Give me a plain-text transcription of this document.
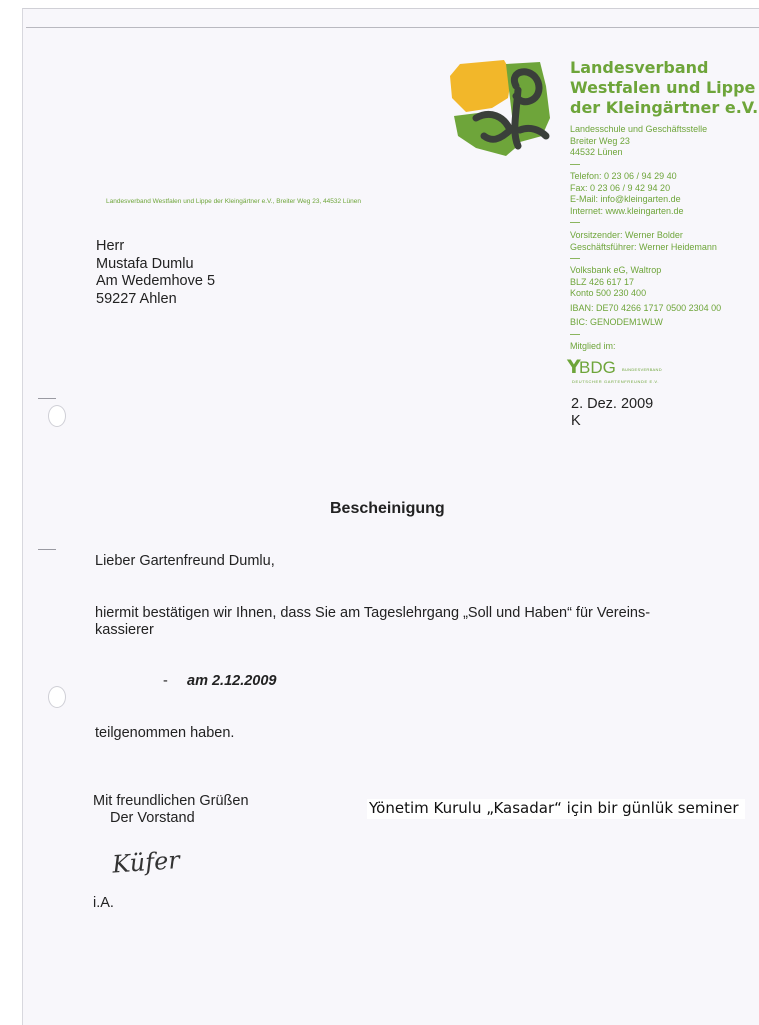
Landesverband
Westfalen und Lippe
der Kleingärtner e.V.
Landesschule und Geschäftsstelle
Breiter Weg 23
44532 Lünen
Telefon: 0 23 06 / 94 29 40
Fax: 0 23 06 / 9 42 94 20
E-Mail: info@kleingarten.de
Internet: www.kleingarten.de
Vorsitzender: Werner Bolder
Geschäftsführer: Werner Heidemann
Volksbank eG, Waltrop
BLZ 426 617 17
Konto 500 230 400
IBAN: DE70 4266 1717 0500 2304 00
BIC: GENODEM1WLW
Mitglied im:
Y
BDG BUNDESVERBAND
DEUTSCHER GARTENFREUNDE E.V.
Landesverband Westfalen und Lippe der Kleingärtner e.V., Breiter Weg 23, 44532 Lünen
Herr
Mustafa Dumlu
Am Wedemhove 5
59227 Ahlen
2. Dez. 2009
K
Bescheinigung
Lieber Gartenfreund Dumlu,
hiermit bestätigen wir Ihnen, dass Sie am Tageslehrgang „Soll und Haben“ für Vereins-
kassierer
- am 2.12.2009
teilgenommen haben.
Mit freundlichen Grüßen
Der Vorstand
Küfer
i.A.
Yönetim Kurulu „Kasadar“ için bir günlük seminer
